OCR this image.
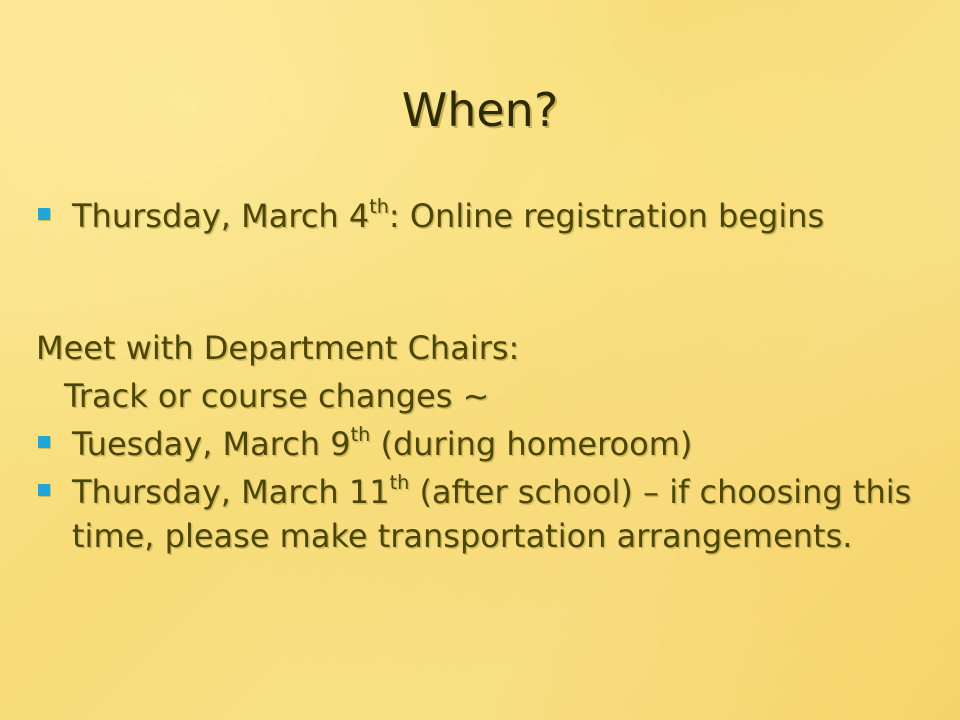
When?
Thursday, March 4th: Online registration begins
Meet with Department Chairs:
Track or course changes ~
Tuesday, March 9th (during homeroom)
Thursday, March 11th (after school) – if choosing this time, please make transportation arrangements.
